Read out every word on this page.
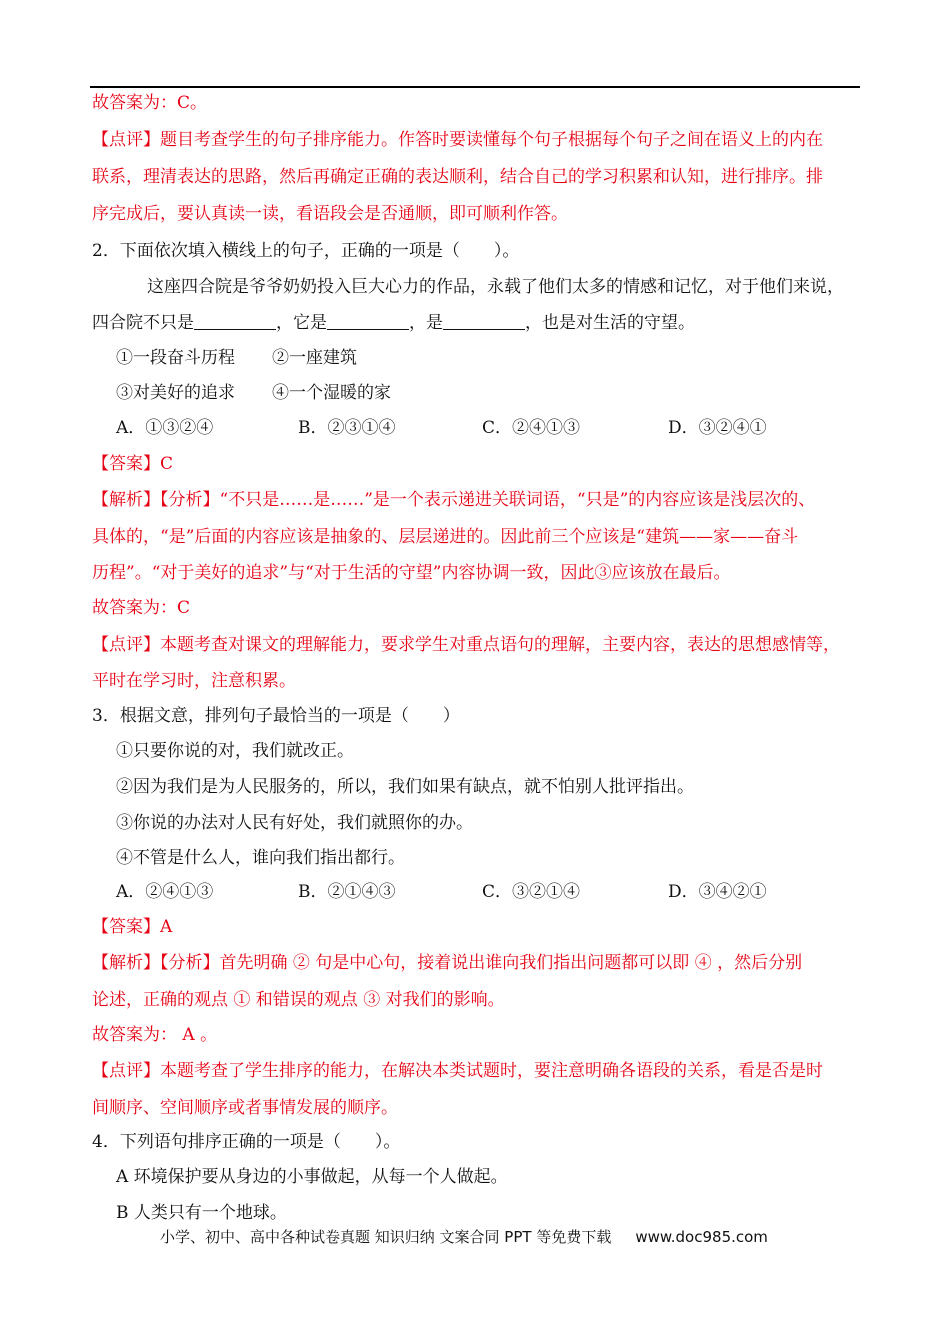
故答案为：C。
【点评】题目考查学生的句子排序能力。作答时要读懂每个句子根据每个句子之间在语义上的内在
联系，理清表达的思路，然后再确定正确的表达顺利，结合自己的学习积累和认知，进行排序。排
序完成后，要认真读一读，看语段会是否通顺，即可顺利作答。
2．下面依次填入横线上的句子，正确的一项是（　　）。
这座四合院是爷爷奶奶投入巨大心力的作品，永载了他们太多的情感和记忆，对于他们来说，
四合院不只是	，它是	，是	，也是对生活的守望。
①一段奋斗历程 ②一座建筑
③对美好的追求 ④一个湿暖的家
A．①③②④	B．②③①④	C．②④①③	D．③②④①
【答案】C
【解析】【分析】“不只是……是……”是一个表示递进关联词语，“只是”的内容应该是浅层次的、
具体的，“是”后面的内容应该是抽象的、层层递进的。因此前三个应该是“建筑——家——奋斗
历程”。“对于美好的追求”与“对于生活的守望”内容协调一致，因此③应该放在最后。
故答案为：C
【点评】本题考查对课文的理解能力，要求学生对重点语句的理解，主要内容，表达的思想感情等，
平时在学习时，注意积累。
3．根据文意，排列句子最恰当的一项是（　　）
①只要你说的对，我们就改正。
②因为我们是为人民服务的，所以，我们如果有缺点，就不怕别人批评指出。
③你说的办法对人民有好处，我们就照你的办。
④不管是什么人，谁向我们指出都行。
A．②④①③	B．②①④③	C．③②①④	D．③④②①
【答案】A
【解析】【分析】首先明确 ② 句是中心句，接着说出谁向我们指出问题都可以即 ④ ，然后分别
论述，正确的观点 ① 和错误的观点 ③ 对我们的影响。
故答案为： A 。
【点评】本题考查了学生排序的能力，在解决本类试题时，要注意明确各语段的关系，看是否是时
间顺序、空间顺序或者事情发展的顺序。
4．下列语句排序正确的一项是（　　）。
A 环境保护要从身边的小事做起，从每一个人做起。
B 人类只有一个地球。
小学、初中、高中各种试卷真题 知识归纳 文案合同 PPT 等免费下载 www.doc985.com
